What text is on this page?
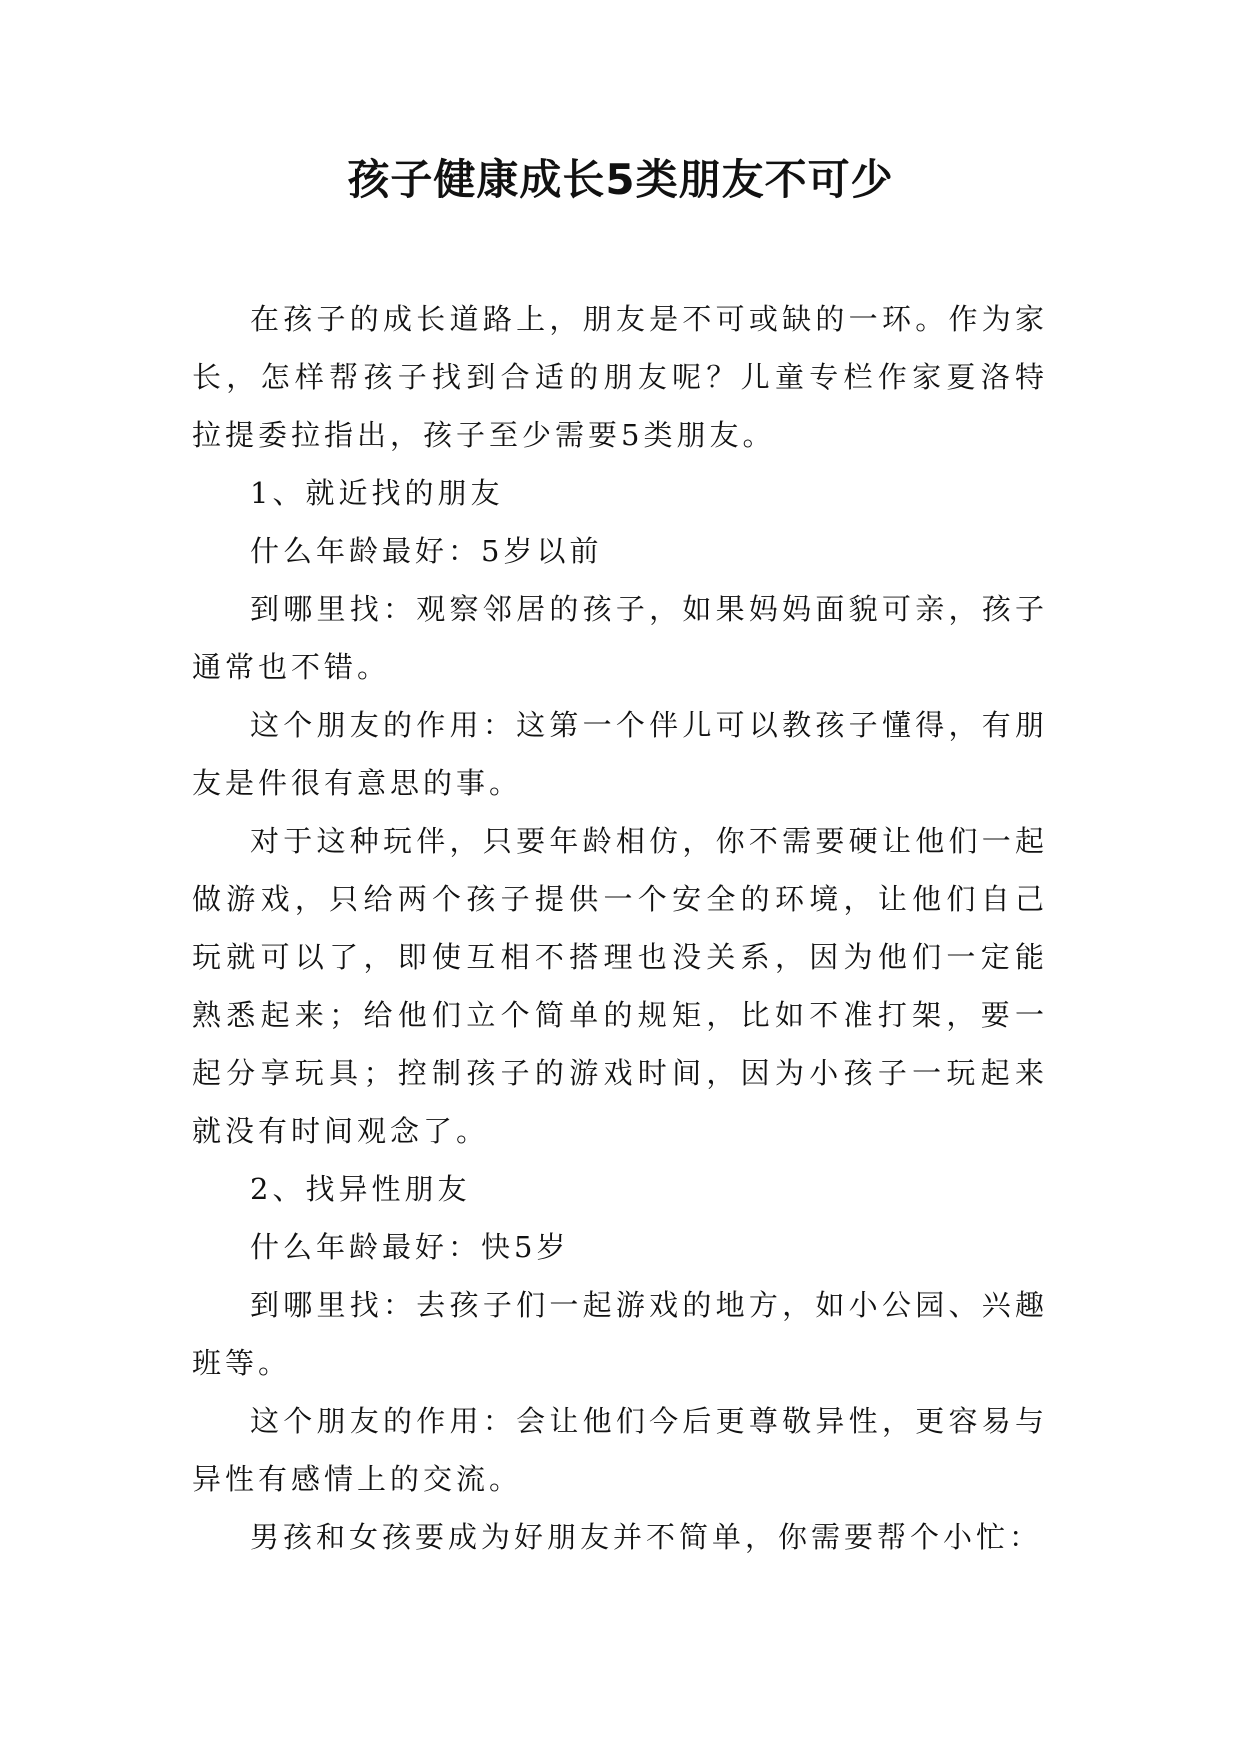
孩子健康成长5类朋友不可少

在孩子的成长道路上，朋友是不可或缺的一环。作为家长，怎样帮孩子找到合适的朋友呢？儿童专栏作家夏洛特拉提委拉指出，孩子至少需要5类朋友。

1、就近找的朋友

什么年龄最好：5岁以前

到哪里找：观察邻居的孩子，如果妈妈面貌可亲，孩子通常也不错。

这个朋友的作用：这第一个伴儿可以教孩子懂得，有朋友是件很有意思的事。

对于这种玩伴，只要年龄相仿，你不需要硬让他们一起做游戏，只给两个孩子提供一个安全的环境，让他们自己玩就可以了，即使互相不搭理也没关系，因为他们一定能熟悉起来；给他们立个简单的规矩，比如不准打架，要一起分享玩具；控制孩子的游戏时间，因为小孩子一玩起来就没有时间观念了。

2、找异性朋友

什么年龄最好：快5岁

到哪里找：去孩子们一起游戏的地方，如小公园、兴趣班等。

这个朋友的作用：会让他们今后更尊敬异性，更容易与异性有感情上的交流。

男孩和女孩要成为好朋友并不简单，你需要帮个小忙：
